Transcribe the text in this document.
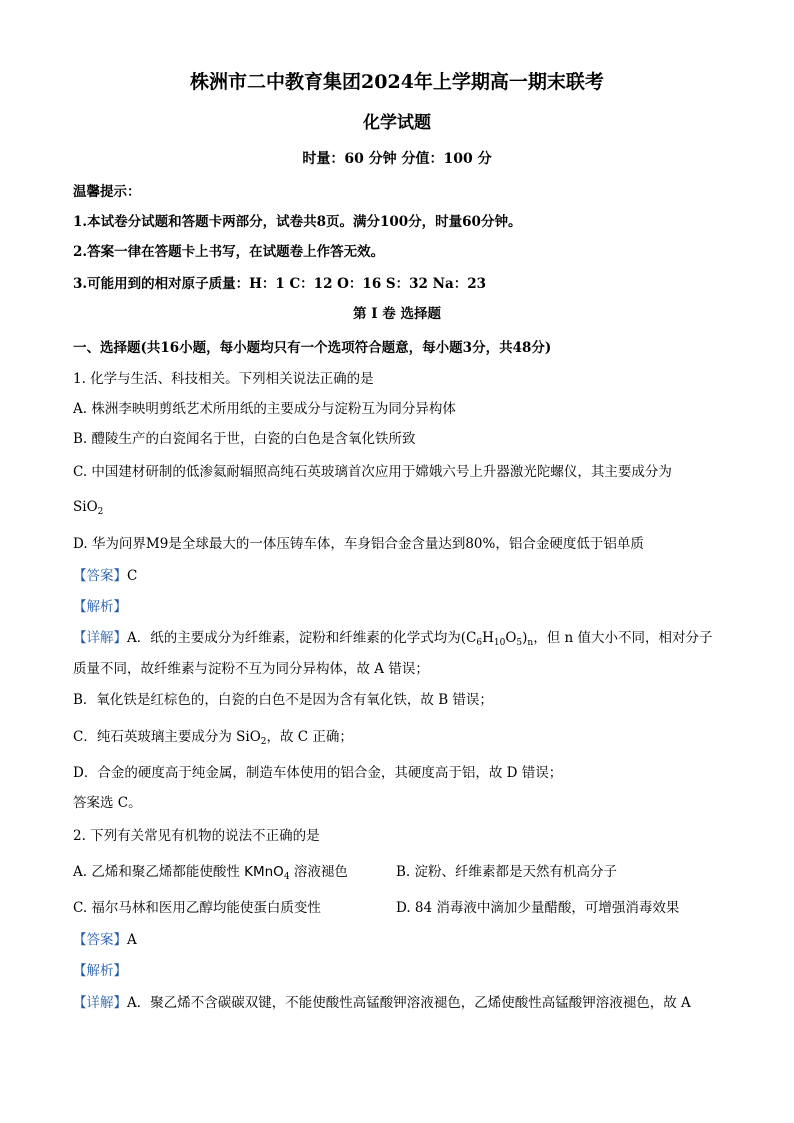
株洲市二中教育集团2024年上学期高一期末联考
化学试题
时量：60 分钟 分值：100 分
温馨提示：
1.本试卷分试题和答题卡两部分，试卷共8页。满分100分，时量60分钟。
2.答案一律在答题卡上书写，在试题卷上作答无效。
3.可能用到的相对原子质量：H：1 C：12 O：16 S：32 Na：23
第 I 卷 选择题
一、选择题(共16小题，每小题均只有一个选项符合题意，每小题3分，共48分)
1. 化学与生活、科技相关。下列相关说法正确的是
A. 株洲李映明剪纸艺术所用纸的主要成分与淀粉互为同分异构体
B. 醴陵生产的白瓷闻名于世，白瓷的白色是含氧化铁所致
C. 中国建材研制的低渗氦耐辐照高纯石英玻璃首次应用于嫦娥六号上升器激光陀螺仪，其主要成分为
SiO$_2$
D. 华为问界M9是全球最大的一体压铸车体，车身铝合金含量达到80%，铝合金硬度低于铝单质
【答案】C
【解析】
【详解】A．纸的主要成分为纤维素，淀粉和纤维素的化学式均为$(C_6H_{10}O_5)_n$，但 n 值大小不同，相对分子
质量不同，故纤维素与淀粉不互为同分异构体，故 A 错误；
B．氧化铁是红棕色的，白瓷的白色不是因为含有氧化铁，故 B 错误；
C．纯石英玻璃主要成分为 SiO$_2$，故 C 正确；
D．合金的硬度高于纯金属，制造车体使用的铝合金，其硬度高于铝，故 D 错误；
答案选 C。
2. 下列有关常见有机物的说法不正确的是
A. 乙烯和聚乙烯都能使酸性 KMnO$_4$ 溶液褪色	B. 淀粉、纤维素都是天然有机高分子
C. 福尔马林和医用乙醇均能使蛋白质变性	D. 84 消毒液中滴加少量醋酸，可增强消毒效果
【答案】A
【解析】
【详解】A．聚乙烯不含碳碳双键，不能使酸性高锰酸钾溶液褪色，乙烯使酸性高锰酸钾溶液褪色，故 A
